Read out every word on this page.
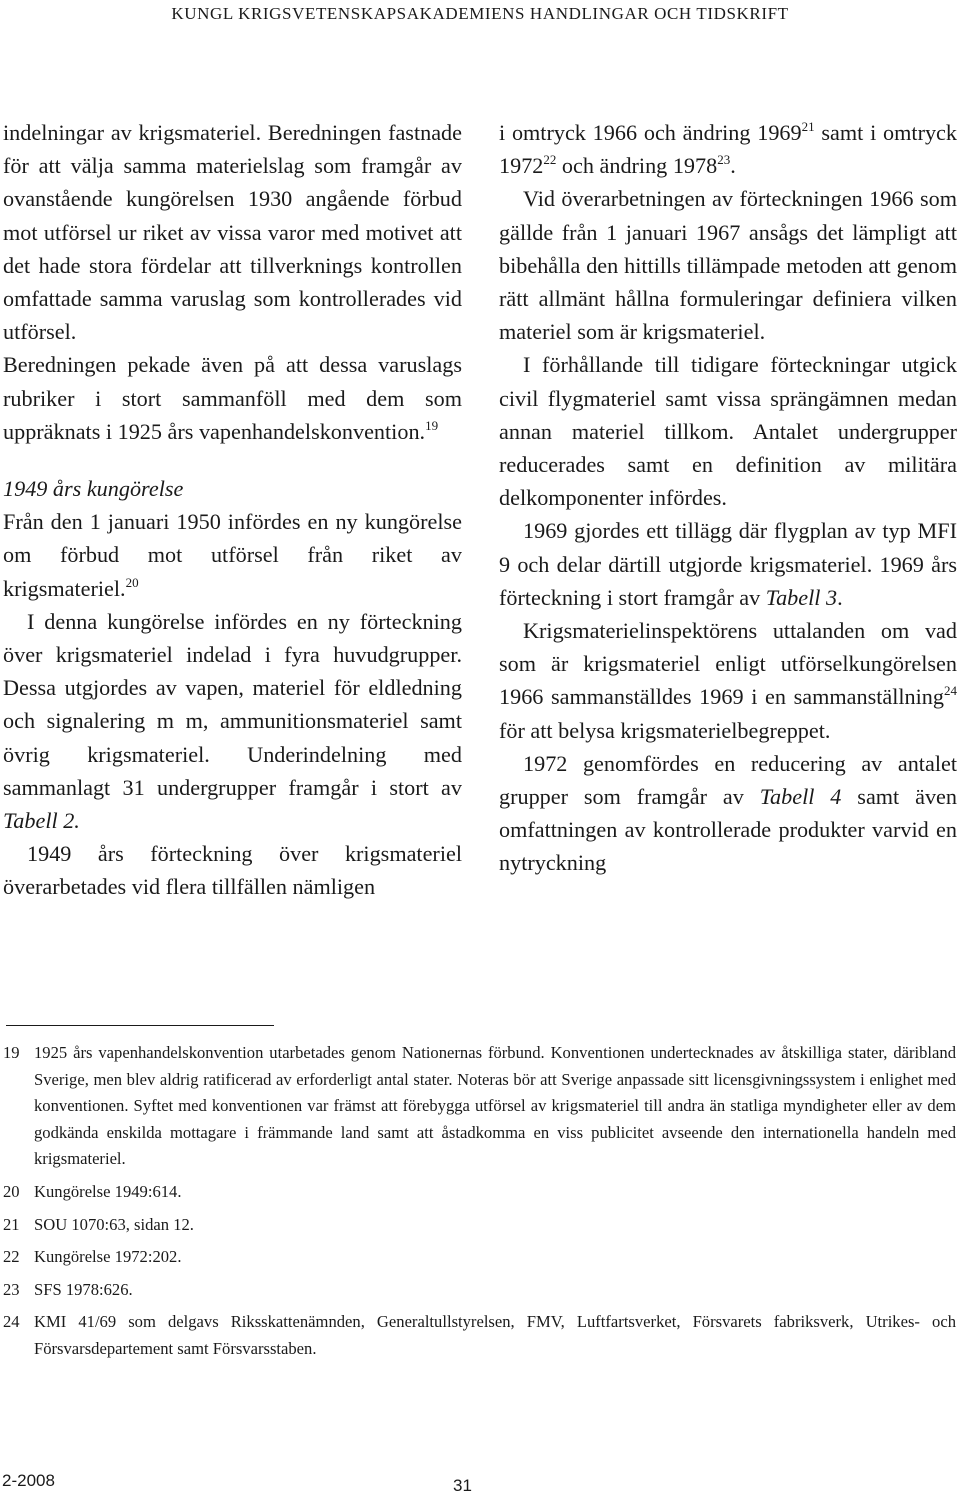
KUNGL KRIGSVETENSKAPSAKADEMIENS HANDLINGAR OCH TIDSKRIFT

indelningar av krigsmateriel. Beredningen fastnade för att välja samma materielslag som framgår av ovanstående kungörelsen 1930 angående förbud mot utförsel ur riket av vissa varor med motivet att det hade stora fördelar att tillverknings kontrollen omfattade samma varuslag som kontrollerades vid utförsel.

Beredningen pekade även på att dessa varuslags rubriker i stort sammanföll med dem som uppräknats i 1925 års vapenhandelskonvention.$^{19}$

1949 års kungörelse

Från den 1 januari 1950 infördes en ny kungörelse om förbud mot utförsel från riket av krigsmateriel.$^{20}$

I denna kungörelse infördes en ny förteckning över krigsmateriel indelad i fyra huvudgrupper. Dessa utgjordes av vapen, materiel för eldledning och signalering m m, ammunitionsmateriel samt övrig krigsmateriel. Underindelning med sammanlagt 31 undergrupper framgår i stort av Tabell 2.

1949 års förteckning över krigsmateriel överarbetades vid flera tillfällen nämligen

i omtryck 1966 och ändring 1969$^{21}$ samt i omtryck 1972$^{22}$ och ändring 1978$^{23}$.

Vid överarbetningen av förteckningen 1966 som gällde från 1 januari 1967 ansågs det lämpligt att bibehålla den hittills tillämpade metoden att genom rätt allmänt hållna formuleringar definiera vilken materiel som är krigsmateriel.

I förhållande till tidigare förteckningar utgick civil flygmateriel samt vissa sprängämnen medan annan materiel tillkom. Antalet undergrupper reducerades samt en definition av militära delkomponenter infördes.

1969 gjordes ett tillägg där flygplan av typ MFI 9 och delar därtill utgjorde krigsmateriel. 1969 års förteckning i stort framgår av Tabell 3.

Krigsmaterielinspektörens uttalanden om vad som är krigsmateriel enligt utförselkungörelsen 1966 sammanställdes 1969 i en sammanställning$^{24}$ för att belysa krigsmaterielbegreppet.

1972 genomfördes en reducering av antalet grupper som framgår av Tabell 4 samt även omfattningen av kontrollerade produkter varvid en nytryckning

19 1925 års vapenhandelskonvention utarbetades genom Nationernas förbund. Konventionen undertecknades av åtskilliga stater, däribland Sverige, men blev aldrig ratificerad av erforderligt antal stater. Noteras bör att Sverige anpassade sitt licensgivningssystem i enlighet med konventionen. Syftet med konventionen var främst att förebygga utförsel av krigsmateriel till andra än statliga myndigheter eller av dem godkända enskilda mottagare i främmande land samt att åstadkomma en viss publicitet avseende den internationella handeln med krigsmateriel.
20 Kungörelse 1949:614.
21 SOU 1070:63, sidan 12.
22 Kungörelse 1972:202.
23 SFS 1978:626.
24 KMI 41/69 som delgavs Riksskattenämnden, Generaltullstyrelsen, FMV, Luftfartsverket, Försvarets fabriksverk, Utrikes- och Försvarsdepartement samt Försvarsstaben.
2-2008	31
